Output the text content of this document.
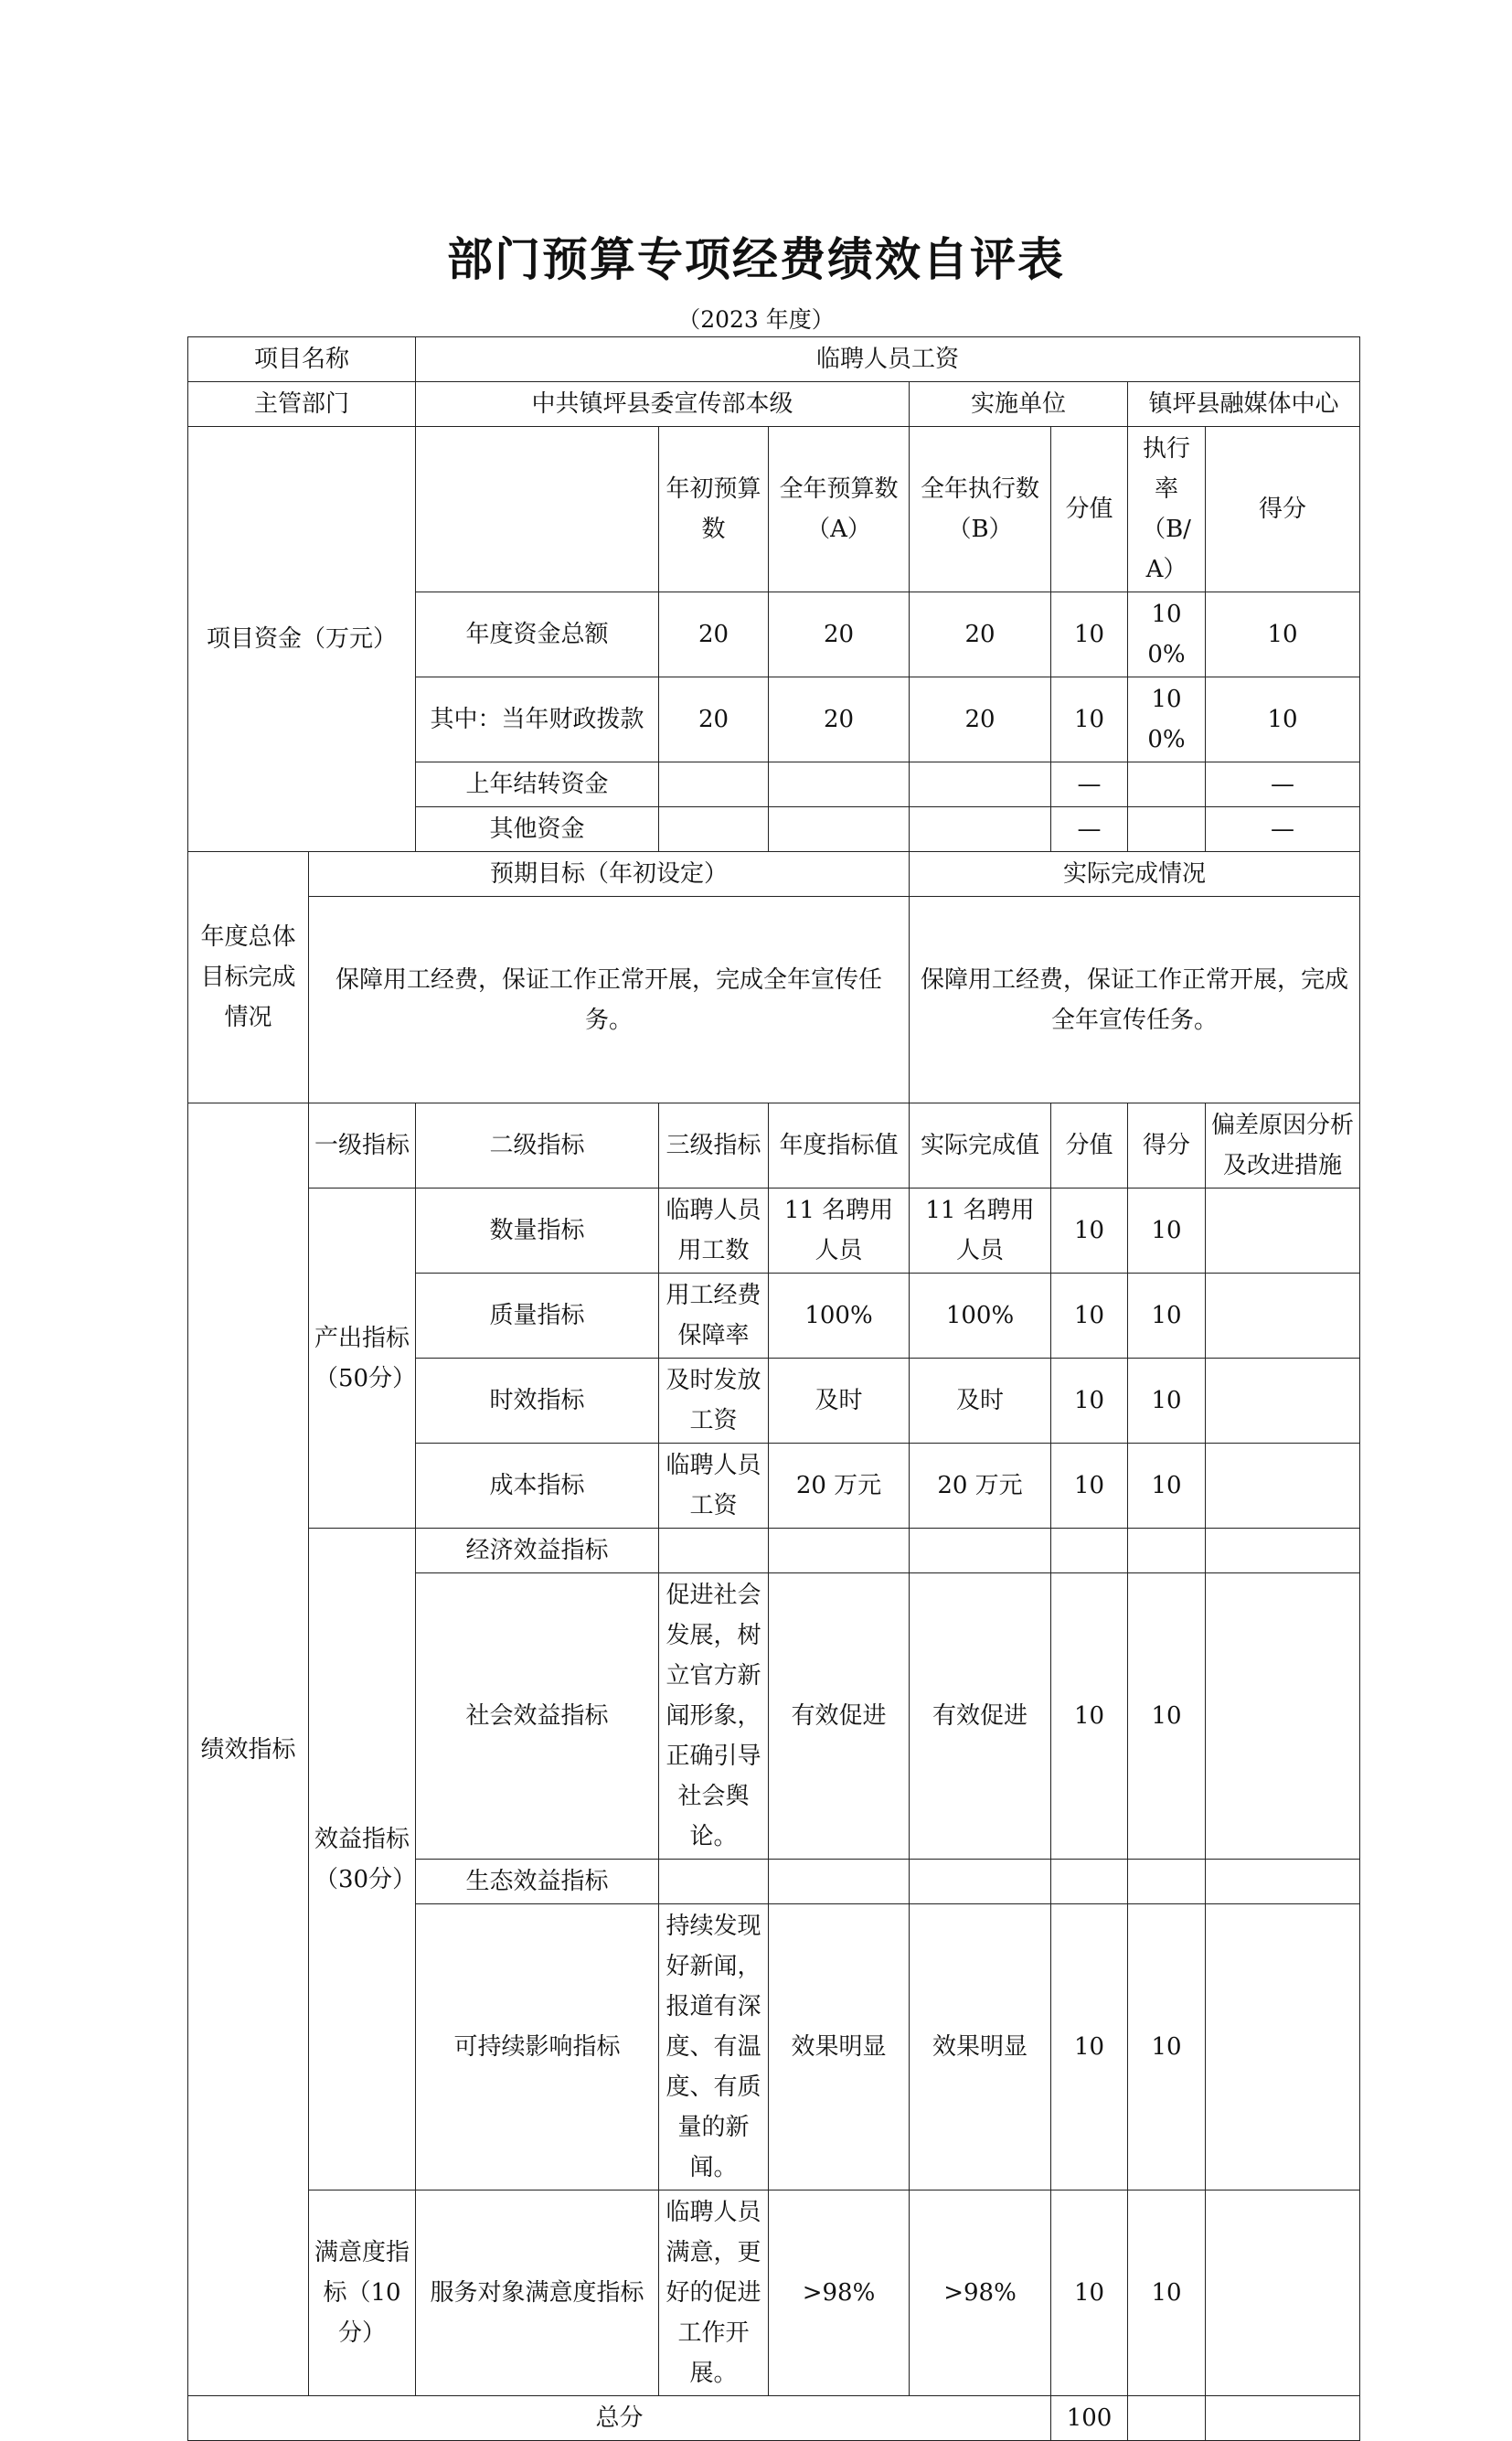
部门预算专项经费绩效自评表
（2023 年度）
项目名称		临聘人员工资						
主管部门		中共镇坪县委宣传部本级			实施单位		镇坪县融媒体中心	
项目资金（万元）			年初预算数	全年预算数（A）	全年执行数（B）	分值	执行率（B/A）	得分
		年度资金总额	20	20	20	10	100%	10
		其中：当年财政拨款	20	20	20	10	100%	10
		上年结转资金				—		—
		其他资金				—		—
年度总体目标完成情况	预期目标（年初设定）				实际完成情况			
	保障用工经费，保证工作正常开展，完成全年宣传任务。				保障用工经费，保证工作正常开展，完成全年宣传任务。			
绩效指标	一级指标	二级指标	三级指标	年度指标值	实际完成值	分值	得分	偏差原因分析及改进措施
	产出指标（50分）	数量指标	临聘人员用工数	11 名聘用人员	11 名聘用人员	10	10	
		质量指标	用工经费保障率	100%	100%	10	10	
		时效指标	及时发放工资	及时	及时	10	10	
		成本指标	临聘人员工资	20 万元	20 万元	10	10	
	效益指标（30分）	经济效益指标						
		社会效益指标	促进社会发展，树立官方新闻形象，正确引导社会舆论。	有效促进	有效促进	10	10	
		生态效益指标						
		可持续影响指标	持续发现好新闻，报道有深度、有温度、有质量的新闻。	效果明显	效果明显	10	10	
	满意度指标（10分）	服务对象满意度指标	临聘人员满意，更好的促进工作开展。	>98%	>98%	10	10	
总分						100		
